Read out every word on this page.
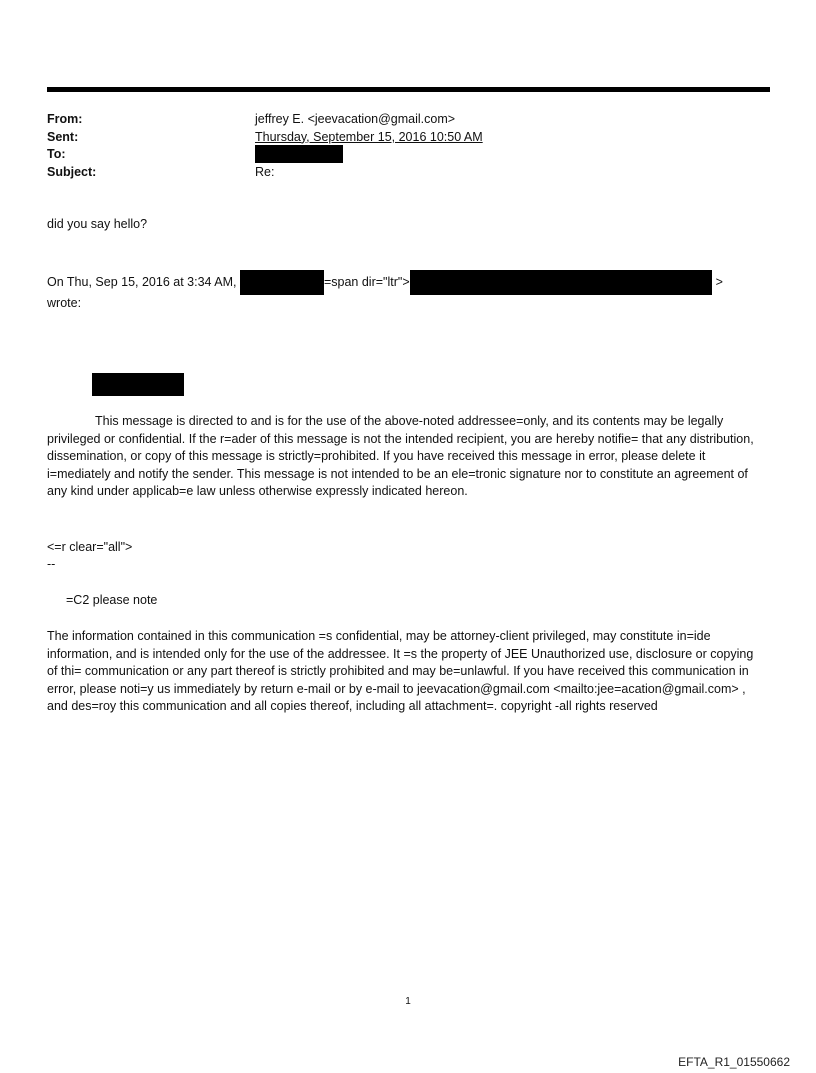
From:	jeffrey E. <jeevacation@gmail.com>
Sent:	Thursday, September 15, 2016 10:50 AM
To:
Subject:	Re:
did you say hello?
On Thu, Sep 15, 2016 at 3:34 AM,	=span dir="ltr">	>
wrote:
This message is directed to and is for the use of the above-noted addressee=only, and its contents may be legally privileged or confidential. If the r=ader of this message is not the intended recipient, you are hereby notifie= that any distribution, dissemination, or copy of this message is strictly=prohibited. If you have received this message in error, please delete it i=mediately and notify the sender. This message is not intended to be an ele=tronic signature nor to constitute an agreement of any kind under applicab=e law unless otherwise expressly indicated hereon.
<=r clear="all">
--
=C2 please note
The information contained in this communication =s confidential, may be attorney-client privileged, may constitute in=ide information, and is intended only for the use of the addressee. It =s the property of JEE Unauthorized use, disclosure or copying of thi= communication or any part thereof is strictly prohibited and may be=unlawful. If you have received this communication in error, please noti=y us immediately by return e-mail or by e-mail to jeevacation@gmail.com <mailto:jee=acation@gmail.com> , and des=roy this communication and all copies thereof, including all attachment=. copyright -all rights reserved
1
EFTA_R1_01550662
